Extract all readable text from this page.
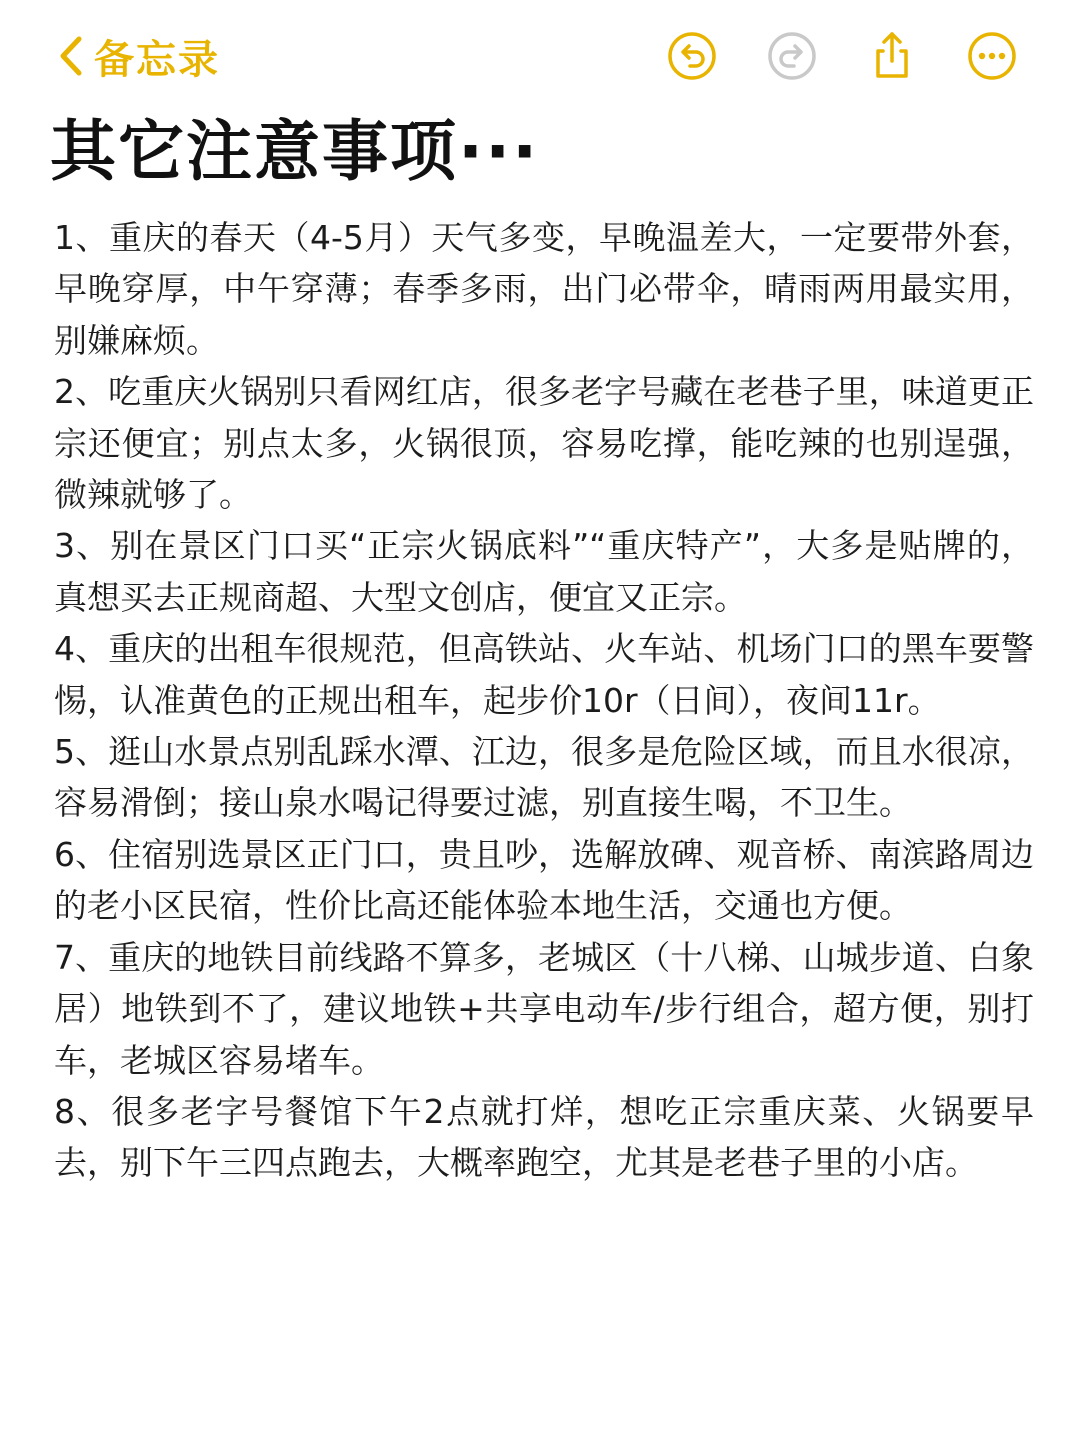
备忘录
其它注意事项···

1、重庆的春天（4-5月）天气多变，早晚温差大，一定要带外套，早晚穿厚，中午穿薄；春季多雨，出门必带伞，晴雨两用最实用，别嫌麻烦。

2、吃重庆火锅别只看网红店，很多老字号藏在老巷子里，味道更正宗还便宜；别点太多，火锅很顶，容易吃撑，能吃辣的也别逞强，微辣就够了。

3、别在景区门口买“正宗火锅底料”“重庆特产”，大多是贴牌的，真想买去正规商超、大型文创店，便宜又正宗。

4、重庆的出租车很规范，但高铁站、火车站、机场门口的黑车要警惕，认准黄色的正规出租车，起步价10r（日间），夜间11r。

5、逛山水景点别乱踩水潭、江边，很多是危险区域，而且水很凉，容易滑倒；接山泉水喝记得要过滤，别直接生喝，不卫生。

6、住宿别选景区正门口，贵且吵，选解放碑、观音桥、南滨路周边的老小区民宿，性价比高还能体验本地生活，交通也方便。

7、重庆的地铁目前线路不算多，老城区（十八梯、山城步道、白象居）地铁到不了，建议地铁+共享电动车/步行组合，超方便，别打车，老城区容易堵车。

8、很多老字号餐馆下午2点就打烊，想吃正宗重庆菜、火锅要早去，别下午三四点跑去，大概率跑空，尤其是老巷子里的小店。
